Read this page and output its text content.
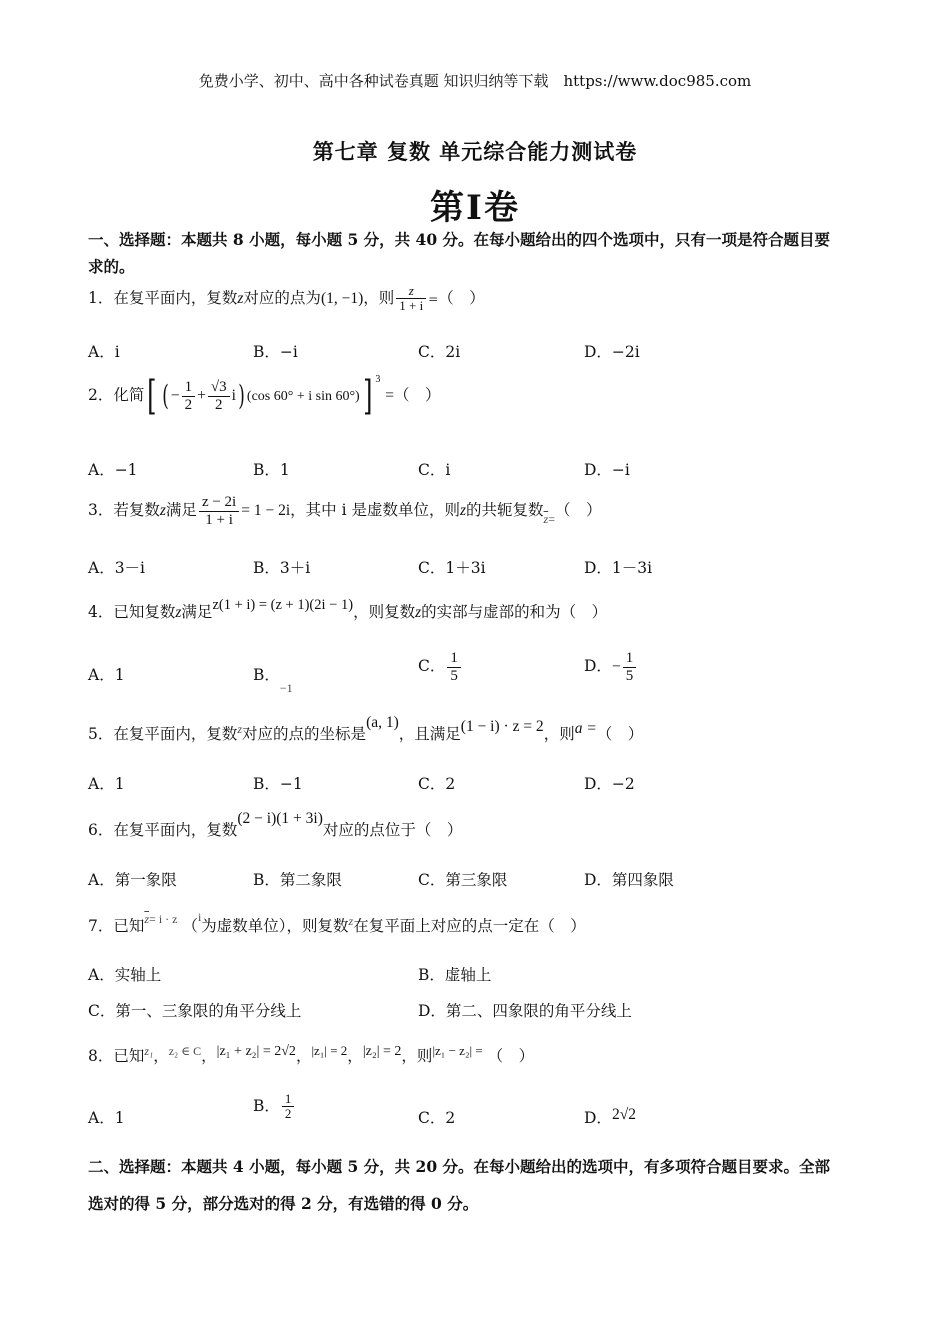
免费小学、初中、高中各种试卷真题 知识归纳等下载　https://www.doc985.com
第七章 复数 单元综合能力测试卷
第Ⅰ卷
一、选择题：本题共 8 小题，每小题 5 分，共 40 分。在每小题给出的四个选项中，只有一项是符合题目要
求的。
1．在复平面内，复数z对应的点为(1, −1)，则 $\frac{z}{1 + i}$ =（　）
A．i	B．−i	C．2i	D．−2i
2．化简[ ( − $\frac{1}{2} + \frac{√3}{2} i$) (cos 60° + i sin 60°)] $^3$ =（　）
A．−1	B．1	C．i	D．−i
3．若复数z满足 $\frac{z - 2i}{1 + i} = 1 - 2i$，其中 i 是虚数单位，则z的共轭复数$_{\overline{z}=}$（　）
A．3－i	B．3＋i	C．1＋3i	D．1－3i
4．已知复数z满足z(1 + i) = (z + 1)(2i − 1)，则复数z的实部与虚部的和为（　）
A．1	B．$_{-1}$
C． $\frac{1}{5}$	D．− $\frac{1}{5}$
5．在复平面内，复数$^z$对应的点的坐标是(a, 1)，且满足(1 − i) · z = 2，则a =（　）
A．1	B．−1	C．2	D．−2
6．在复平面内，复数(2 − i)(1 + 3i)对应的点位于（　）
A．第一象限	B．第二象限	C．第三象限	D．第四象限
7．已知$^{\overline{z}= i \cdot z}$ （$^i$为虚数单位），则复数$^z$在复平面上对应的点一定在（　）
A．实轴上	B．虚轴上
C．第一、三象限的角平分线上	D．第二、四象限的角平分线上
8．已知$^{z_1}$，$^{z_2 \in C}$，|z₁ + z₂| = 2√2，$^{|z_1| = 2}$，|z₂| = 2，则$^{|z_1 - z_2| =}$ （　）
A．1
B． $\frac{1}{2}$	C．2	D．2√2
二、选择题：本题共 4 小题，每小题 5 分，共 20 分。在每小题给出的选项中，有多项符合题目要求。全部
选对的得 5 分，部分选对的得 2 分，有选错的得 0 分。
